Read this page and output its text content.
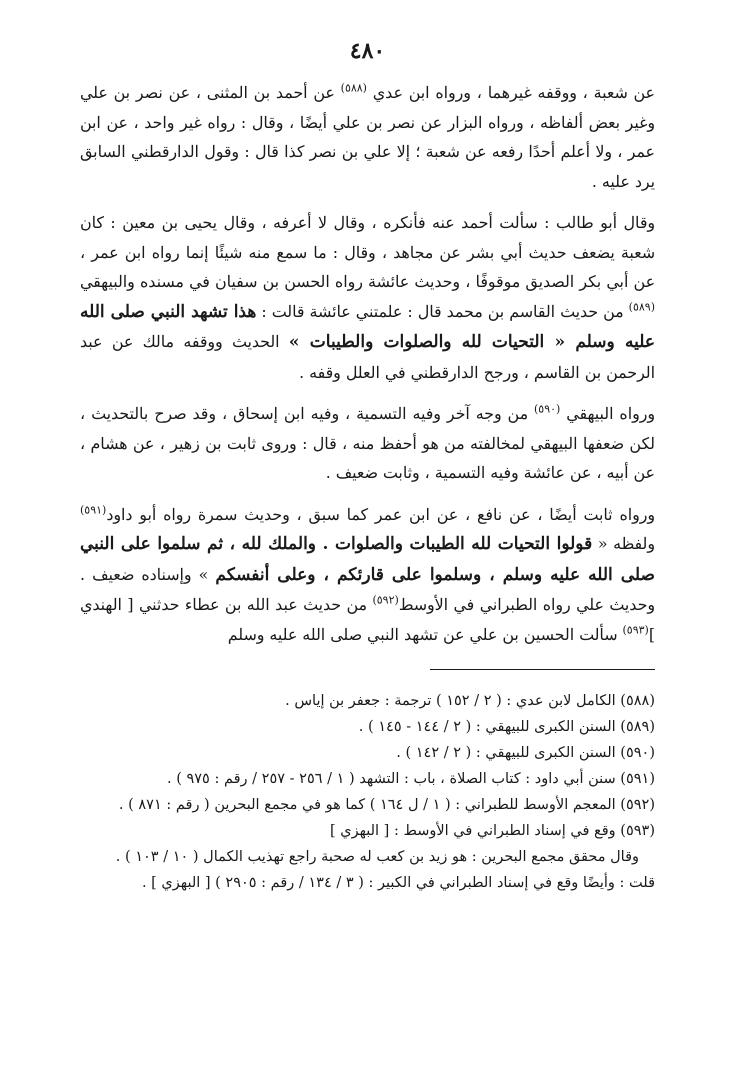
٤٨٠

عن شعبة ، ووقفه غيرهما ، ورواه ابن عدي $^{(٥٨٨)}$ عن أحمد بن المثنى ، عن نصر بن علي وغير بعض ألفاظه ، ورواه البزار عن نصر بن علي أيضًا ، وقال : رواه غير واحد ، عن ابن عمر ، ولا أعلم أحدًا رفعه عن شعبة ؛ إلا علي بن نصر كذا قال : وقول الدارقطني السابق يرد عليه .

وقال أبو طالب : سألت أحمد عنه فأنكره ، وقال لا أعرفه ، وقال يحيى بن معين : كان شعبة يضعف حديث أبي بشر عن مجاهد ، وقال : ما سمع منه شيئًا إنما رواه ابن عمر ، عن أبي بكر الصديق موقوفًا ، وحديث عائشة رواه الحسن بن سفيان في مسنده والبيهقي $^{(٥٨٩)}$ من حديث القاسم بن محمد قال : علمتني عائشة قالت : هذا تشهد النبي صلى الله عليه وسلم « التحيات لله والصلوات والطيبات » الحديث ووقفه مالك عن عبد الرحمن بن القاسم ، ورجح الدارقطني في العلل وقفه .

ورواه البيهقي $^{(٥٩٠)}$ من وجه آخر وفيه التسمية ، وفيه ابن إسحاق ، وقد صرح بالتحديث ، لكن ضعفها البيهقي لمخالفته من هو أحفظ منه ، قال : وروى ثابت بن زهير ، عن هشام ، عن أبيه ، عن عائشة وفيه التسمية ، وثابت ضعيف .

ورواه ثابت أيضًا ، عن نافع ، عن ابن عمر كما سبق ، وحديث سمرة رواه أبو داود$^{(٥٩١)}$ ولفظه « قولوا التحيات لله الطيبات والصلوات . والملك لله ، ثم سلموا على النبي صلى الله عليه وسلم ، وسلموا على قارئكم ، وعلى أنفسكم » وإسناده ضعيف . وحديث علي رواه الطبراني في الأوسط$^{(٥٩٢)}$ من حديث عبد الله بن عطاء حدثني [ الهندي ]$^{(٥٩٣)}$ سألت الحسين بن علي عن تشهد النبي صلى الله عليه وسلم

(٥٨٨) الكامل لابن عدي : ( ٢ / ١٥٢ ) ترجمة : جعفر بن إياس .

(٥٨٩) السنن الكبرى للبيهقي : ( ٢ / ١٤٤ - ١٤٥ ) .

(٥٩٠) السنن الكبرى للبيهقي : ( ٢ / ١٤٢ ) .

(٥٩١) سنن أبي داود : كتاب الصلاة ، باب : التشهد ( ١ / ٢٥٦ - ٢٥٧ / رقم : ٩٧٥ ) .

(٥٩٢) المعجم الأوسط للطبراني : ( ١ / ل ١٦٤ ) كما هو في مجمع البحرين ( رقم : ٨٧١ ) .

(٥٩٣) وقع في إسناد الطبراني في الأوسط : [ البهزي ]

وقال محقق مجمع البحرين : هو زيد بن كعب له صحبة راجع تهذيب الكمال ( ١٠ / ١٠٣ ) .

قلت : وأيضًا وقع في إسناد الطبراني في الكبير : ( ٣ / ١٣٤ / رقم : ٢٩٠٥ ) [ البهزي ] .
